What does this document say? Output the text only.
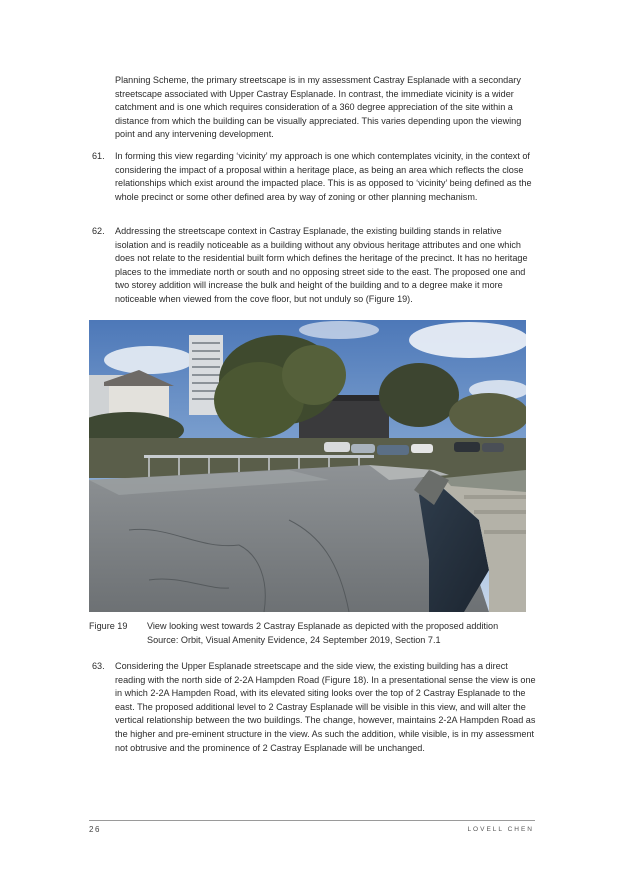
Planning Scheme, the primary streetscape is in my assessment Castray Esplanade with a secondary streetscape associated with Upper Castray Esplanade. In contrast, the immediate vicinity is a wider catchment and is one which requires consideration of a 360 degree appreciation of the site within a distance from which the building can be visually appreciated. This varies depending upon the viewing point and any intervening development.
61.	In forming this view regarding ‘vicinity’ my approach is one which contemplates vicinity, in the context of considering the impact of a proposal within a heritage place, as being an area which reflects the close relationships which exist around the impacted place. This is as opposed to ‘vicinity’ being defined as the whole precinct or some other defined area by way of zoning or other planning mechanism.
62.	Addressing the streetscape context in Castray Esplanade, the existing building stands in relative isolation and is readily noticeable as a building without any obvious heritage attributes and one which does not relate to the residential built form which defines the heritage of the precinct. It has no heritage places to the immediate north or south and no opposing street side to the east. The proposed one and two storey addition will increase the bulk and height of the building and to a degree make it more noticeable when viewed from the cove floor, but not unduly so (Figure 19).
Figure 19 View looking west towards 2 Castray Esplanade as depicted with the proposed addition
Source: Orbit, Visual Amenity Evidence, 24 September 2019, Section 7.1
63.	Considering the Upper Esplanade streetscape and the side view, the existing building has a direct reading with the north side of 2-2A Hampden Road (Figure 18). In a presentational sense the view is one in which 2-2A Hampden Road, with its elevated siting looks over the top of 2 Castray Esplanade to the east. The proposed additional level to 2 Castray Esplanade will be visible in this view, and will alter the vertical relationship between the two buildings. The change, however, maintains 2-2A Hampden Road as the higher and pre-eminent structure in the view. As such the addition, while visible, is in my assessment not obtrusive and the prominence of 2 Castray Esplanade will be unchanged.
26	LOVELL CHEN
